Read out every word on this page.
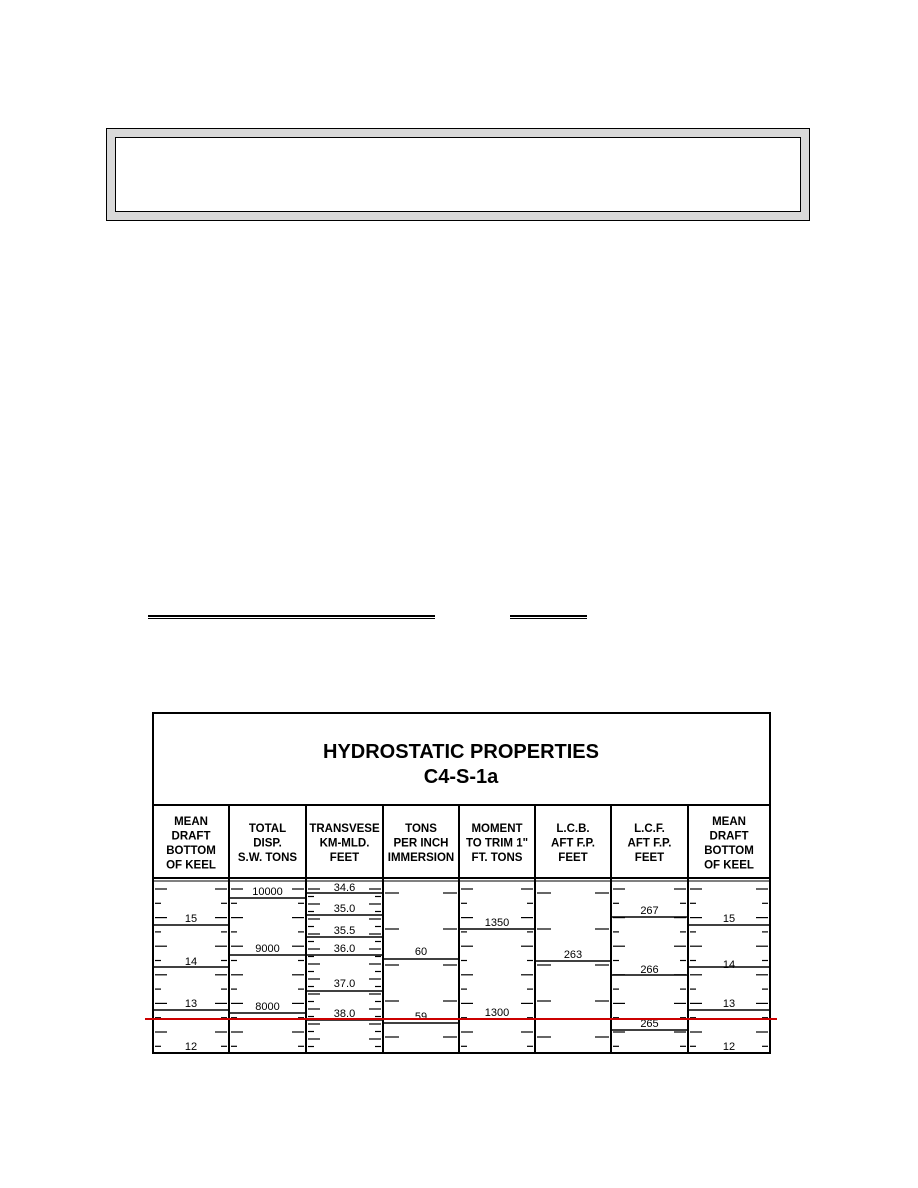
HYDROSTATIC PROPERTIES
C4-S-1a
MEAN
DRAFT
BOTTOM
OF KEEL
TOTAL
DISP.
S.W. TONS
TRANSVESE
KM-MLD.
FEET
TONS
PER INCH
IMMERSION
MOMENT
TO TRIM 1"
FT. TONS
L.C.B.
AFT F.P.
FEET
L.C.F.
AFT F.P.
FEET
MEAN
DRAFT
BOTTOM
OF KEEL
15
14
13
12
10000
9000
8000
34.6
35.0
35.5
36.0
37.0
38.0
60
59
1350
1300
263
267
266
265
15
14
13
12
